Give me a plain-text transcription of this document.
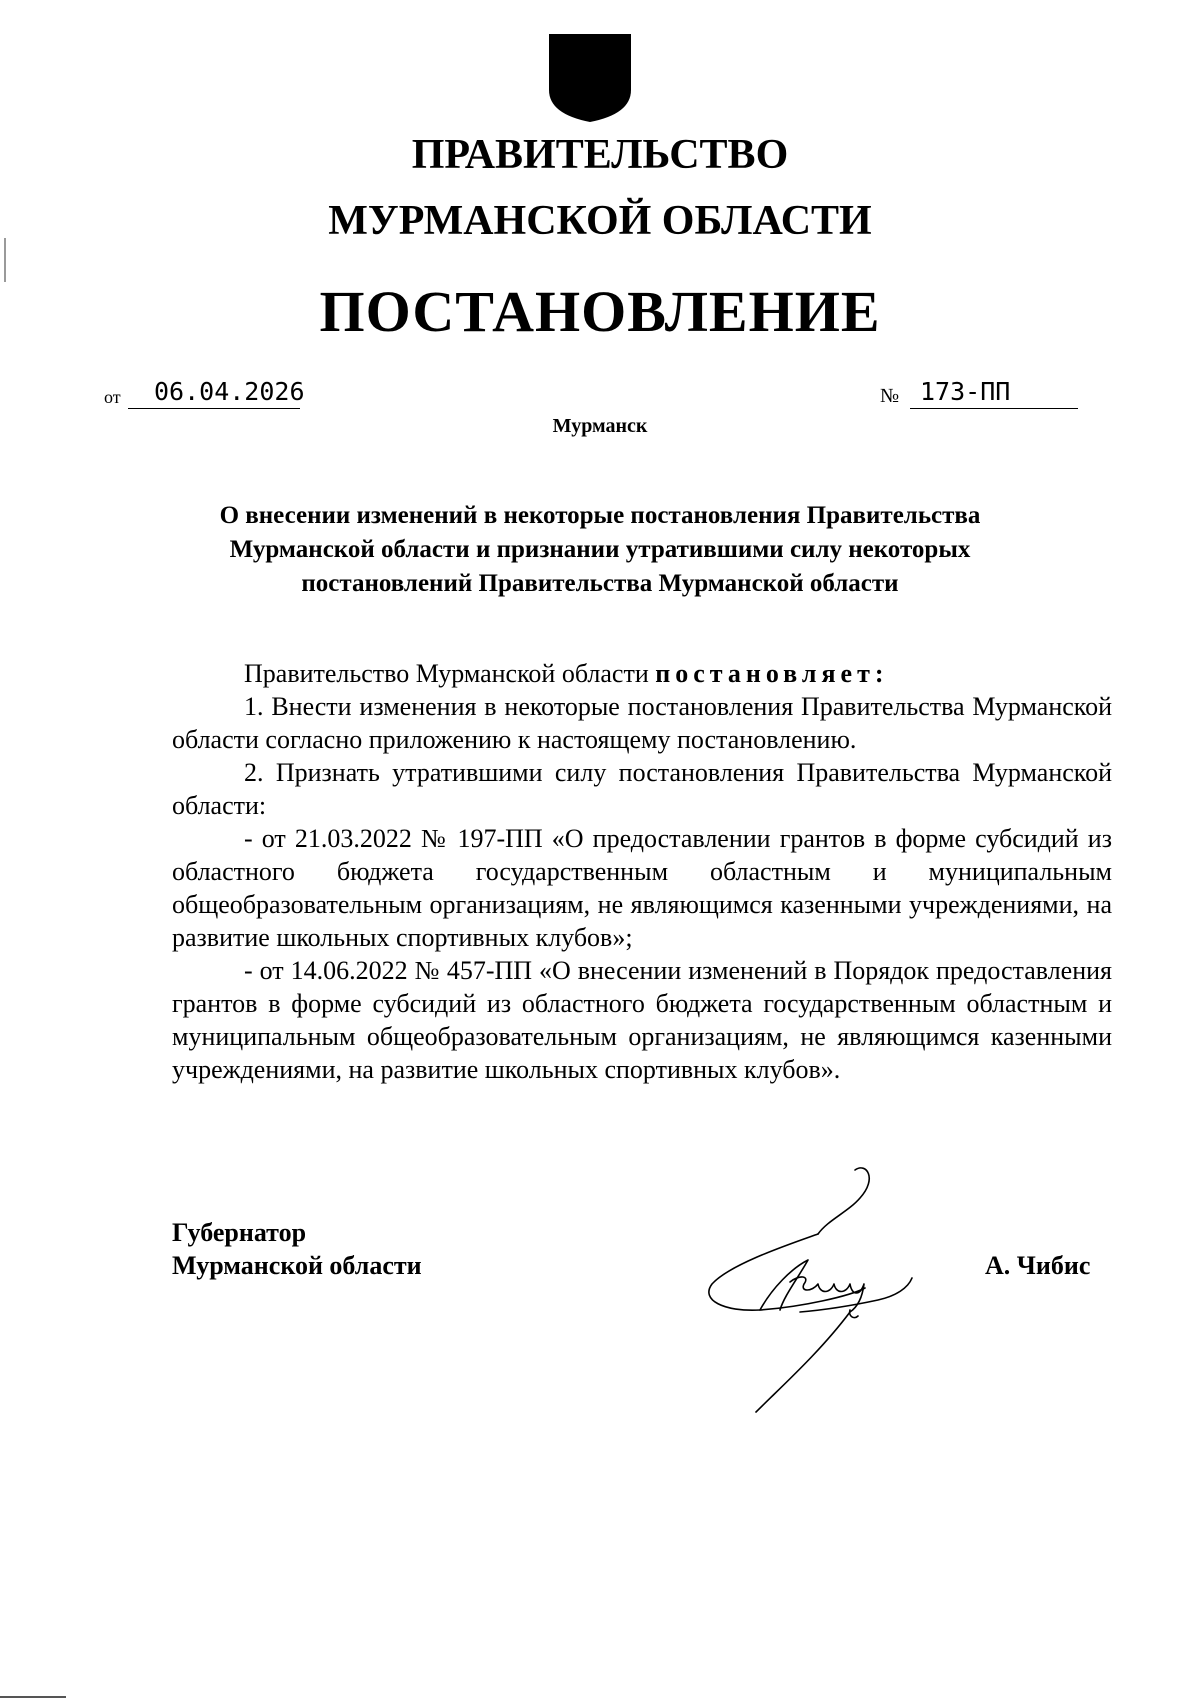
ПРАВИТЕЛЬСТВО
МУРМАНСКОЙ ОБЛАСТИ
ПОСТАНОВЛЕНИЕ
от	06.04.2026	№ 173-ПП
Мурманск
О внесении изменений в некоторые постановления Правительства
Мурманской области и признании утратившими силу некоторых
постановлений Правительства Мурманской области

Правительство Мурманской области постановляет:

1. Внести изменения в некоторые постановления Правительства Мурманской области согласно приложению к настоящему постановлению.

2. Признать утратившими силу постановления Правительства Мурманской области:

- от 21.03.2022 № 197-ПП «О предоставлении грантов в форме субсидий из областного бюджета государственным областным и муниципальным общеобразовательным организациям, не являющимся казенными учреждениями, на развитие школьных спортивных клубов»;

- от 14.06.2022 № 457-ПП «О внесении изменений в Порядок предоставления грантов в форме субсидий из областного бюджета государственным областным и муниципальным общеобразовательным организациям, не являющимся казенными учреждениями, на развитие школьных спортивных клубов».

Губернатор
Мурманской области	А. Чибис
